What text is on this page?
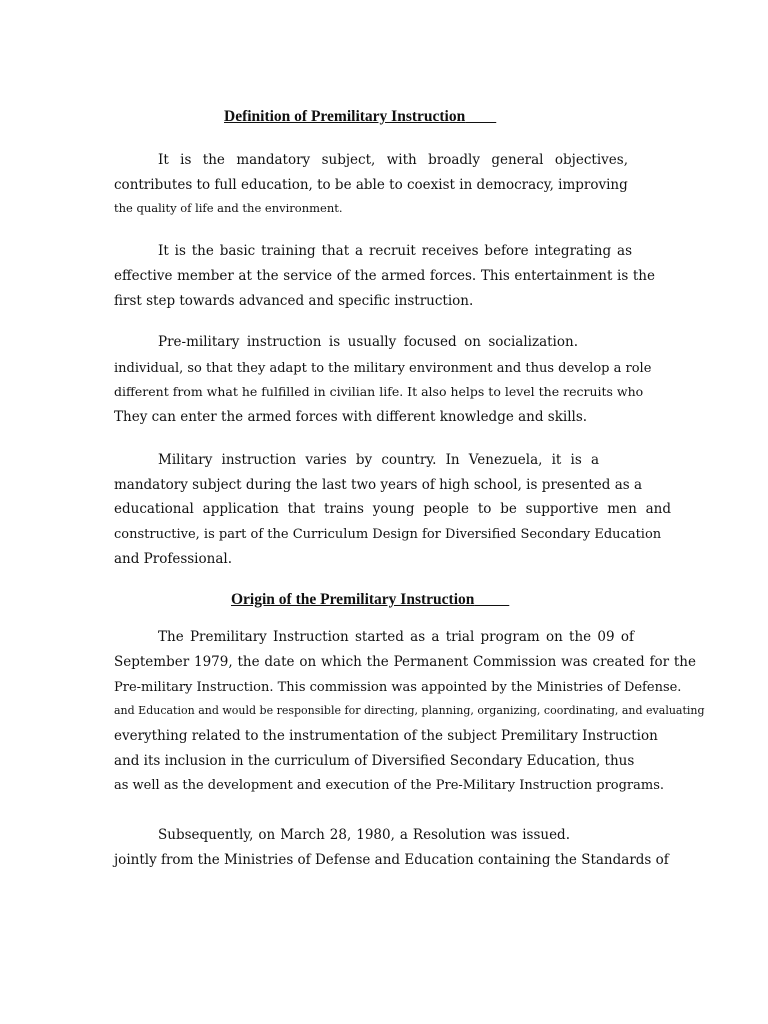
Definition of Premilitary Instruction
It is the mandatory subject, with broadly general objectives,
contributes to full education, to be able to coexist in democracy, improving
the quality of life and the environment.
It is the basic training that a recruit receives before integrating as
effective member at the service of the armed forces. This entertainment is the
first step towards advanced and specific instruction.
Pre-military instruction is usually focused on socialization.
individual, so that they adapt to the military environment and thus develop a role
different from what he fulfilled in civilian life. It also helps to level the recruits who
They can enter the armed forces with different knowledge and skills.
Military instruction varies by country. In Venezuela, it is a
mandatory subject during the last two years of high school, is presented as a
educational application that trains young people to be supportive men and
constructive, is part of the Curriculum Design for Diversified Secondary Education
and Professional.
Origin of the Premilitary Instruction
The Premilitary Instruction started as a trial program on the 09 of
September 1979, the date on which the Permanent Commission was created for the
Pre-military Instruction. This commission was appointed by the Ministries of Defense.
and Education and would be responsible for directing, planning, organizing, coordinating, and evaluating
everything related to the instrumentation of the subject Premilitary Instruction
and its inclusion in the curriculum of Diversified Secondary Education, thus
as well as the development and execution of the Pre-Military Instruction programs.
Subsequently, on March 28, 1980, a Resolution was issued.
jointly from the Ministries of Defense and Education containing the Standards of
